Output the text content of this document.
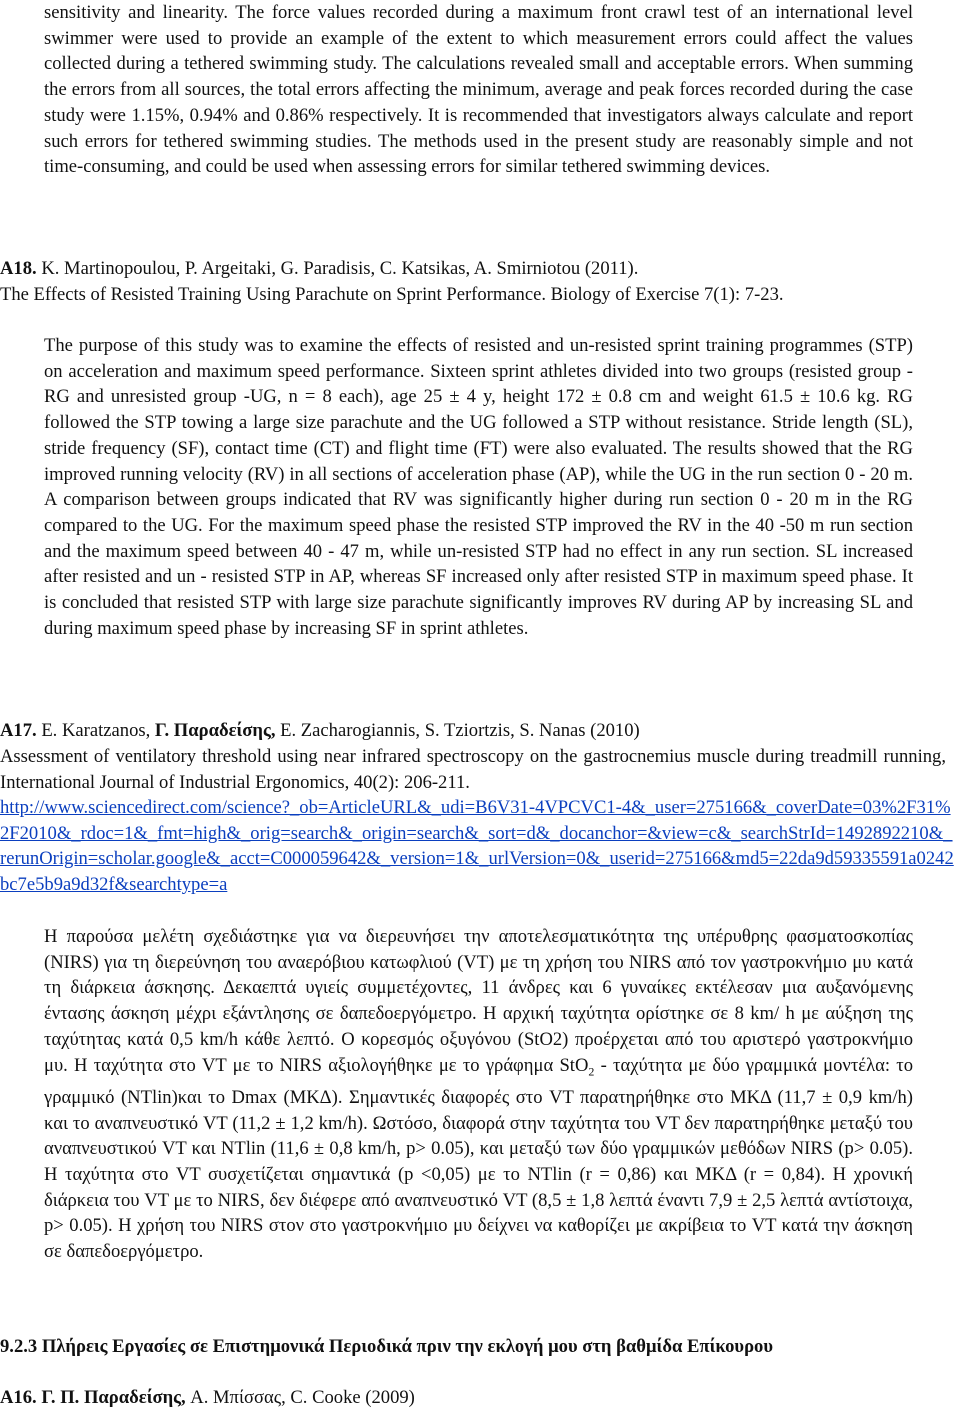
sensitivity and linearity. The force values recorded during a maximum front crawl test of an international level swimmer were used to provide an example of the extent to which measurement errors could affect the values collected during a tethered swimming study. The calculations revealed small and acceptable errors. When summing the errors from all sources, the total errors affecting the minimum, average and peak forces recorded during the case study were 1.15%, 0.94% and 0.86% respectively. It is recommended that investigators always calculate and report such errors for tethered swimming studies. The methods used in the present study are reasonably simple and not time-consuming, and could be used when assessing errors for similar tethered swimming devices.

A18. K. Martinopoulou, P. Argeitaki, G. Paradisis, C. Katsikas, A. Smirniotou (2011).

The Effects of Resisted Training Using Parachute on Sprint Performance. Biology of Exercise 7(1): 7-23.

The purpose of this study was to examine the effects of resisted and un-resisted sprint training programmes (STP) on acceleration and maximum speed performance. Sixteen sprint athletes divided into two groups (resisted group -RG and unresisted group -UG, n = 8 each), age 25 ± 4 y, height 172 ± 0.8 cm and weight 61.5 ± 10.6 kg. RG followed the STP towing a large size parachute and the UG followed a STP without resistance. Stride length (SL), stride frequency (SF), contact time (CT) and flight time (FT) were also evaluated. The results showed that the RG improved running velocity (RV) in all sections of acceleration phase (AP), while the UG in the run section 0 - 20 m. A comparison between groups indicated that RV was significantly higher during run section 0 - 20 m in the RG compared to the UG. For the maximum speed phase the resisted STP improved the RV in the 40 -50 m run section and the maximum speed between 40 - 47 m, while un-resisted STP had no effect in any run section. SL increased after resisted and un - resisted STP in AP, whereas SF increased only after resisted STP in maximum speed phase. It is concluded that resisted STP with large size parachute significantly improves RV during AP by increasing SL and during maximum speed phase by increasing SF in sprint athletes.

A17. E. Karatzanos, Γ. Παραδείσης, E. Zacharogiannis, S. Tziortzis, S. Nanas (2010)

Assessment of ventilatory threshold using near infrared spectroscopy on the gastrocnemius muscle during treadmill running, International Journal of Industrial Ergonomics, 40(2): 206-211.

http://www.sciencedirect.com/science?_ob=ArticleURL&_udi=B6V31-4VPCVC1-4&_user=275166&_coverDate=03%2F31%2F2010&_rdoc=1&_fmt=high&_orig=search&_origin=search&_sort=d&_docanchor=&view=c&_searchStrId=1492892210&_rerunOrigin=scholar.google&_acct=C000059642&_version=1&_urlVersion=0&_userid=275166&md5=22da9d59335591a0242bc7e5b9a9d32f&searchtype=a

Η παρούσα μελέτη σχεδιάστηκε για να διερευνήσει την αποτελεσματικότητα της υπέρυθρης φασματοσκοπίας (NIRS) για τη διερεύνηση του αναερόβιου κατωφλιού (VT) με τη χρήση του NIRS από τον γαστροκνήμιο μυ κατά τη διάρκεια άσκησης. Δεκαεπτά υγιείς συμμετέχοντες, 11 άνδρες και 6 γυναίκες εκτέλεσαν μια αυξανόμενης έντασης άσκηση μέχρι εξάντλησης σε δαπεδοεργόμετρο. Η αρχική ταχύτητα ορίστηκε σε 8 km/ h με αύξηση της ταχύτητας κατά 0,5 km/h κάθε λεπτό. Ο κορεσμός οξυγόνου (StO2) προέρχεται από του αριστερό γαστροκνήμιο μυ. Η ταχύτητα στο VT με το NIRS αξιολογήθηκε με το γράφημα StO$_2$ - ταχύτητα με δύο γραμμικά μοντέλα: το γραμμικό (NTlin)και το Dmax (ΜΚΔ). Σημαντικές διαφορές στο VT παρατηρήθηκε στο ΜΚΔ (11,7 ± 0,9 km/h) και το αναπνευστικό VT (11,2 ± 1,2 km/h). Ωστόσο, διαφορά στην ταχύτητα του VT δεν παρατηρήθηκε μεταξύ του αναπνευστικού VT και NTlin (11,6 ± 0,8 km/h, p> 0.05), και μεταξύ των δύο γραμμικών μεθόδων NIRS (p> 0.05). Η ταχύτητα στο VT συσχετίζεται σημαντικά (p <0,05) με το NTlin (r = 0,86) και ΜΚΔ (r = 0,84). Η χρονική διάρκεια του VT με το NIRS, δεν διέφερε από αναπνευστικό VT (8,5 ± 1,8 λεπτά έναντι 7,9 ± 2,5 λεπτά αντίστοιχα, p> 0.05). Η χρήση του NIRS στον στο γαστροκνήμιο μυ δείχνει να καθορίζει με ακρίβεια το VT κατά την άσκηση σε δαπεδοεργόμετρο.

9.2.3 Πλήρεις Εργασίες σε Επιστημονικά Περιοδικά πριν την εκλογή μου στη βαθμίδα Επίκουρου
A16. Γ. Π. Παραδείσης, A. Μπίσσας, C. Cooke (2009)
